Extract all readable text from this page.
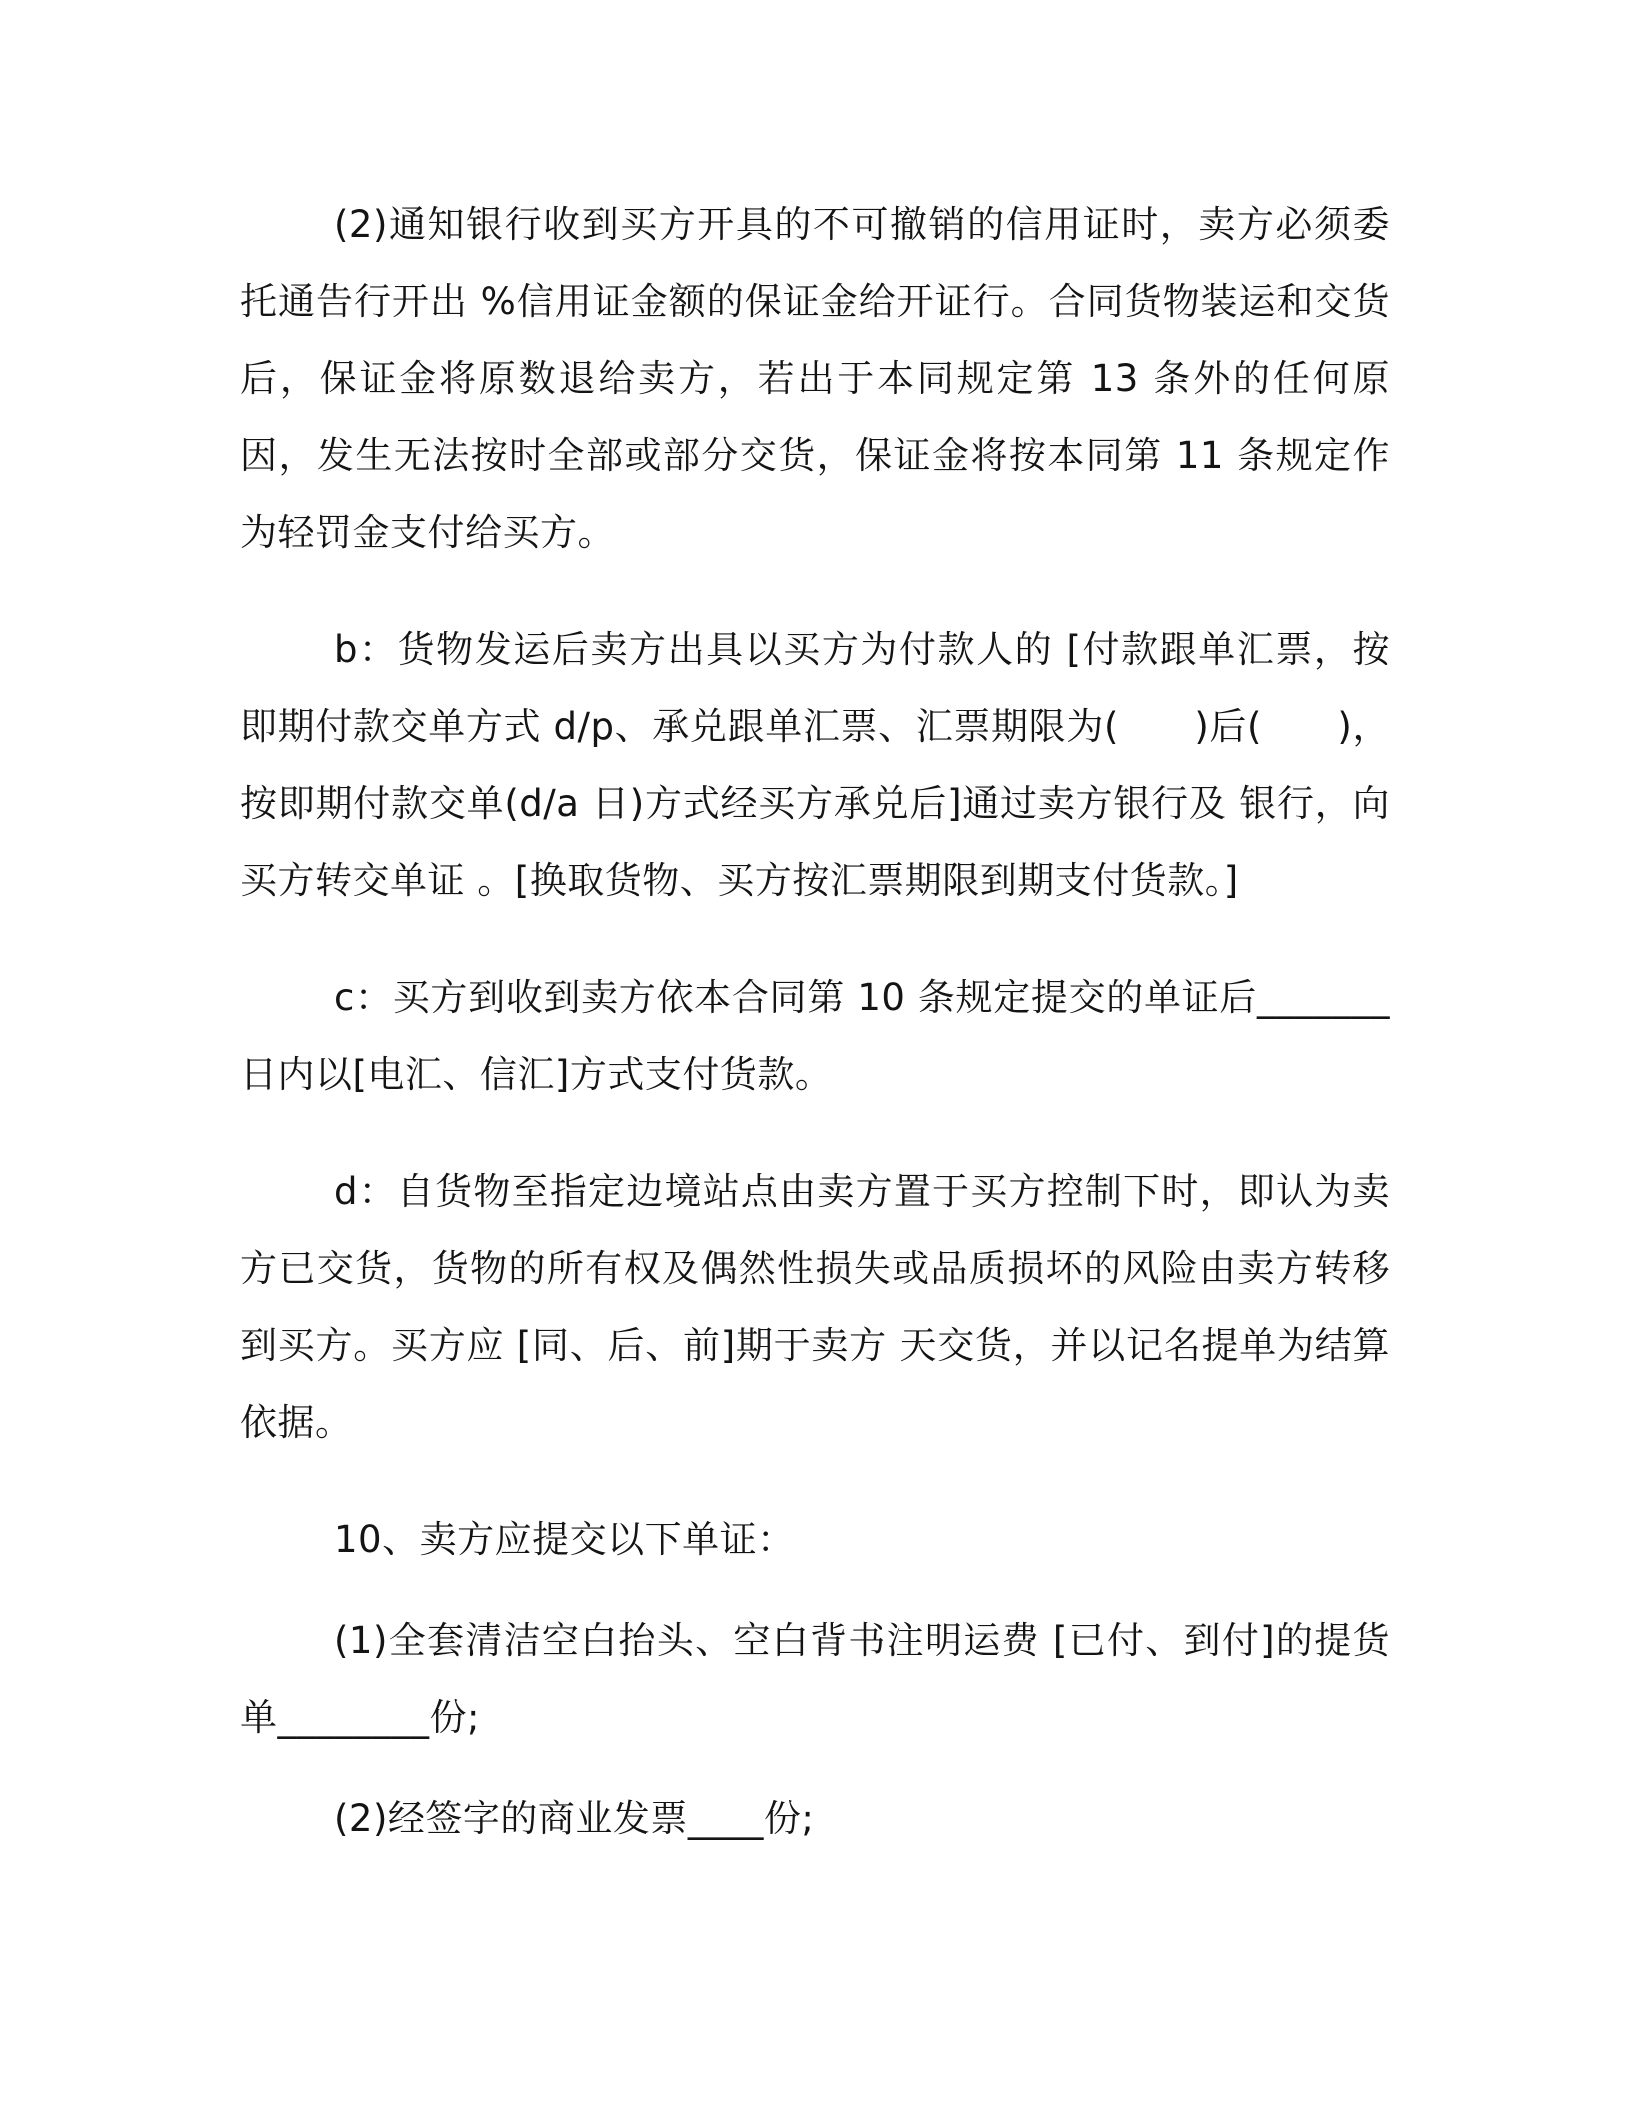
(2)通知银行收到买方开具的不可撤销的信用证时，卖方必须委托通告行开出 %信用证金额的保证金给开证行。合同货物装运和交货后，保证金将原数退给卖方，若出于本同规定第 13 条外的任何原因，发生无法按时全部或部分交货，保证金将按本同第 11 条规定作为轻罚金支付给买方。

b：货物发运后卖方出具以买方为付款人的 [付款跟单汇票，按即期付款交单方式 d/p、承兑跟单汇票、汇票期限为(　　)后(　　)，按即期付款交单(d/a 日)方式经买方承兑后]通过卖方银行及 银行，向买方转交单证 。[换取货物、买方按汇票期限到期支付货款。]

c：买方到收到卖方依本合同第 10 条规定提交的单证后_______日内以[电汇、信汇]方式支付货款。

d：自货物至指定边境站点由卖方置于买方控制下时，即认为卖方已交货，货物的所有权及偶然性损失或品质损坏的风险由卖方转移到买方。买方应 [同、后、前]期于卖方 天交货，并以记名提单为结算依据。

10、卖方应提交以下单证：

(1)全套清洁空白抬头、空白背书注明运费 [已付、到付]的提货单________份;

(2)经签字的商业发票____份;
